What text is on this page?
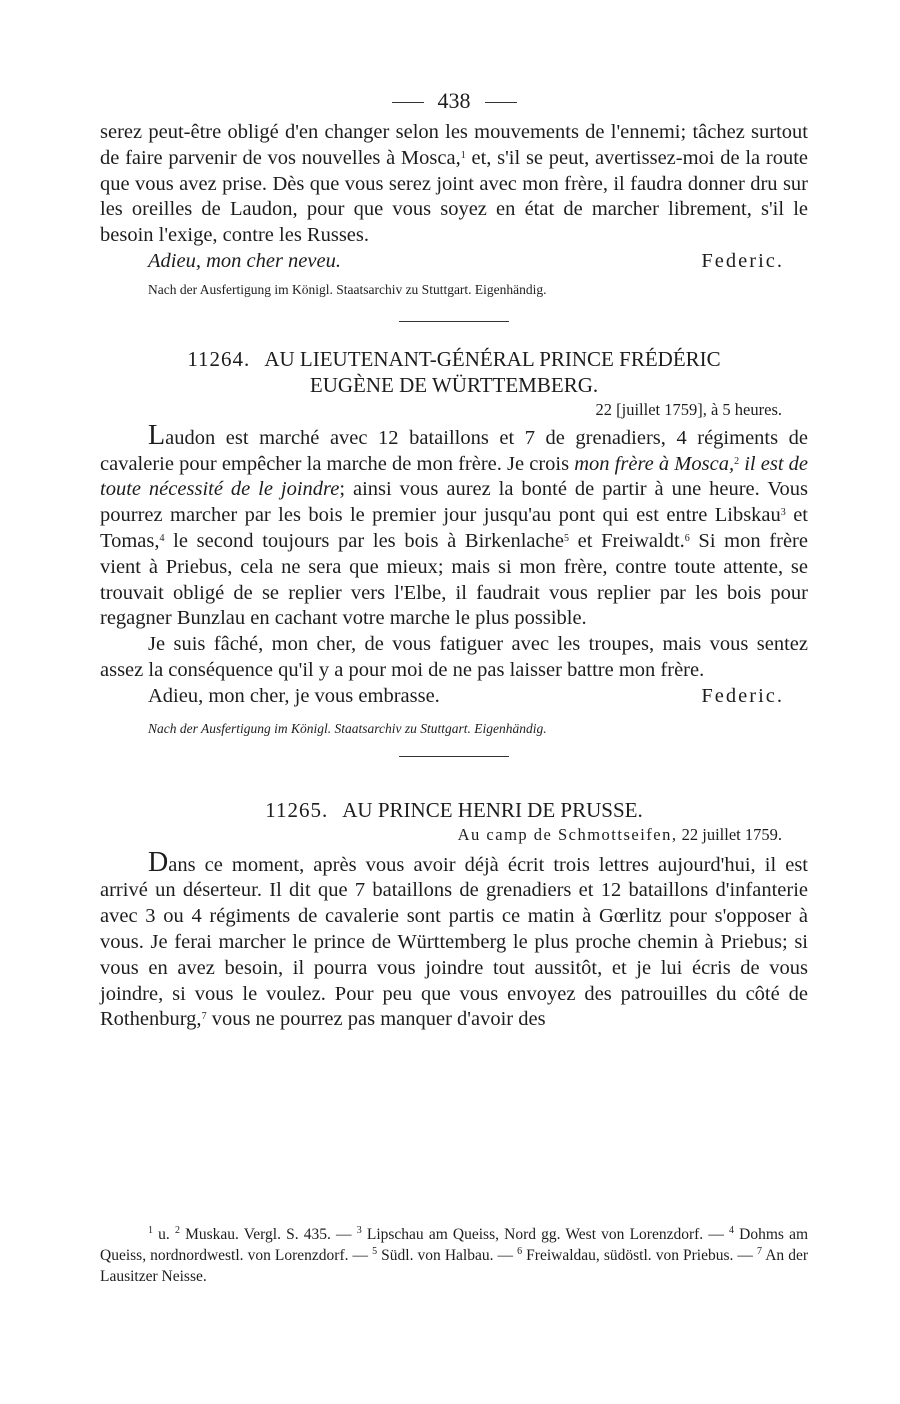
438

serez peut-être obligé d'en changer selon les mouvements de l'ennemi; tâchez surtout de faire parvenir de vos nouvelles à Mosca,$^1$ et, s'il se peut, avertissez-moi de la route que vous avez prise. Dès que vous serez joint avec mon frère, il faudra donner dru sur les oreilles de Laudon, pour que vous soyez en état de marcher librement, s'il le besoin l'exige, contre les Russes.

Adieu, mon cher neveu.	Federic.
Nach der Ausfertigung im Königl. Staatsarchiv zu Stuttgart. Eigenhändig.
11264. AU LIEUTENANT-GÉNÉRAL PRINCE FRÉDÉRIC
EUGÈNE DE WÜRTTEMBERG.
22 [juillet 1759], à 5 heures.

Laudon est marché avec 12 bataillons et 7 de grenadiers, 4 régiments de cavalerie pour empêcher la marche de mon frère. Je crois mon frère à Mosca,$^2$ il est de toute nécessité de le joindre; ainsi vous aurez la bonté de partir à une heure. Vous pourrez marcher par les bois le premier jour jusqu'au pont qui est entre Libskau$^3$ et Tomas,$^4$ le second toujours par les bois à Birkenlache$^5$ et Freiwaldt.$^6$ Si mon frère vient à Priebus, cela ne sera que mieux; mais si mon frère, contre toute attente, se trouvait obligé de se replier vers l'Elbe, il faudrait vous replier par les bois pour regagner Bunzlau en cachant votre marche le plus possible.

Je suis fâché, mon cher, de vous fatiguer avec les troupes, mais vous sentez assez la conséquence qu'il y a pour moi de ne pas laisser battre mon frère.

Adieu, mon cher, je vous embrasse.	Federic.
Nach der Ausfertigung im Königl. Staatsarchiv zu Stuttgart. Eigenhändig.
11265. AU PRINCE HENRI DE PRUSSE.
Au camp de Schmottseifen, 22 juillet 1759.

Dans ce moment, après vous avoir déjà écrit trois lettres aujourd'hui, il est arrivé un déserteur. Il dit que 7 bataillons de grenadiers et 12 bataillons d'infanterie avec 3 ou 4 régiments de cavalerie sont partis ce matin à Gœrlitz pour s'opposer à vous. Je ferai marcher le prince de Württemberg le plus proche chemin à Priebus; si vous en avez besoin, il pourra vous joindre tout aussitôt, et je lui écris de vous joindre, si vous le voulez. Pour peu que vous envoyez des patrouilles du côté de Rothenburg,$^7$ vous ne pourrez pas manquer d'avoir des

$^1$ u. $^2$ Muskau. Vergl. S. 435. — $^3$ Lipschau am Queiss, Nord gg. West von Lorenzdorf. — $^4$ Dohms am Queiss, nordnordwestl. von Lorenzdorf. — $^5$ Südl. von Halbau. — $^6$ Freiwaldau, südöstl. von Priebus. — $^7$ An der Lausitzer Neisse.
